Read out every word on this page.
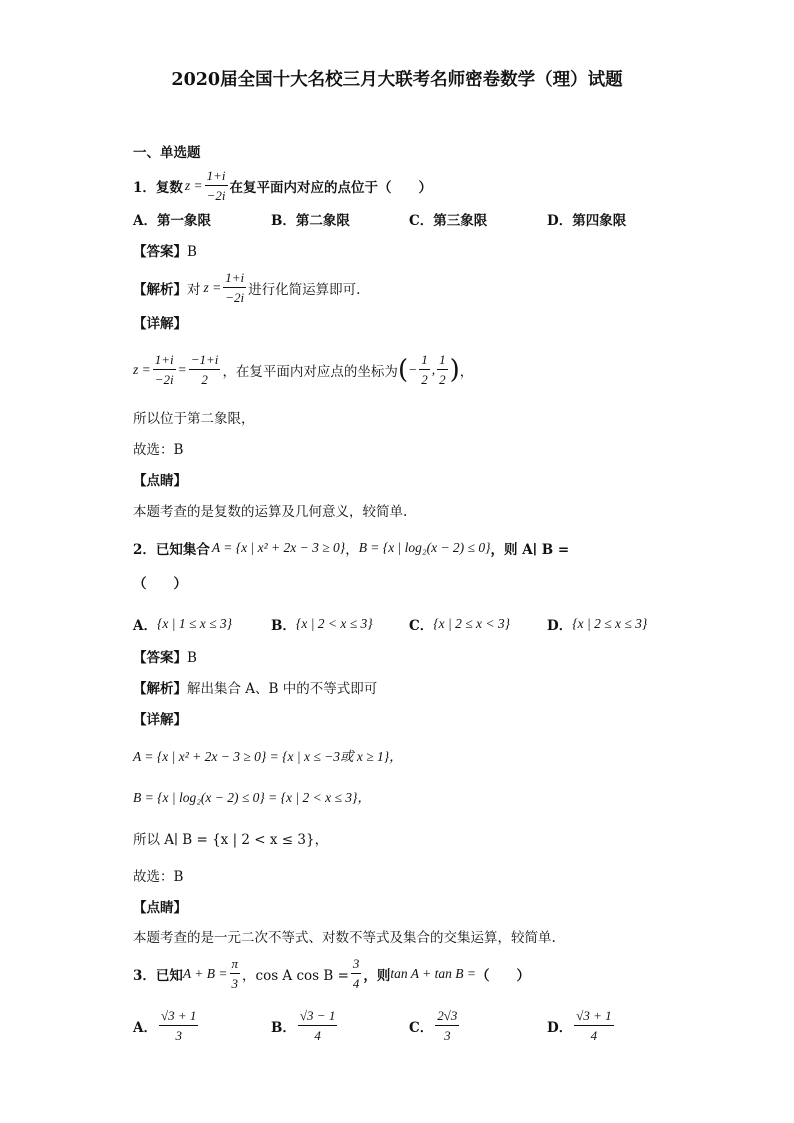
2020届全国十大名校三月大联考名师密卷数学（理）试题
一、单选题
1． 复数 $z = \frac{1+i}{-2i}$ 在复平面内对应的点位于（　　）
A．第一象限	B．第二象限	C．第三象限	D．第四象限
【答案】B
【解析】 对 $z = \frac{1+i}{-2i}$ 进行化简运算即可.
【详解】
$z = \frac{1+i}{-2i} = \frac{-1+i}{2}$ ，在复平面内对应点的坐标为 ( − $\frac{1}{2}$ , $\frac{1}{2}$ ) ，
所以位于第二象限，
故选：B
【点睛】
本题考查的是复数的运算及几何意义，较简单.
2． 已知集合 A = {x | x² + 2x − 3 ≥ 0} ， B = {x | log₂(x − 2) ≤ 0} ，则 A∣ B =
（　　）
A． {x | 1 ≤ x ≤ 3}	B． {x | 2 < x ≤ 3}	C． {x | 2 ≤ x < 3}	D． {x | 2 ≤ x ≤ 3}
【答案】B
【解析】解出集合 A、B 中的不等式即可
【详解】
A = {x | x² + 2x − 3 ≥ 0} = {x | x ≤ −3或 x ≥ 1}，
B = {x | log₂(x − 2) ≤ 0} = {x | 2 < x ≤ 3}，
所以 A∣ B = {x | 2 < x ≤ 3}，
故选：B
【点睛】
本题考查的是一元二次不等式、对数不等式及集合的交集运算，较简单.
3． 已知 $A + B = \frac{\pi}{3}$ ，cos A $\cos B = \frac{3}{4}$ ，则 tan A + tan B = （　　）
A． $\frac{√3 + 1}{3}$	B． $\frac{√3 - 1}{4}$	C． $\frac{2√3}{3}$	D． $\frac{√3 + 1}{4}$
